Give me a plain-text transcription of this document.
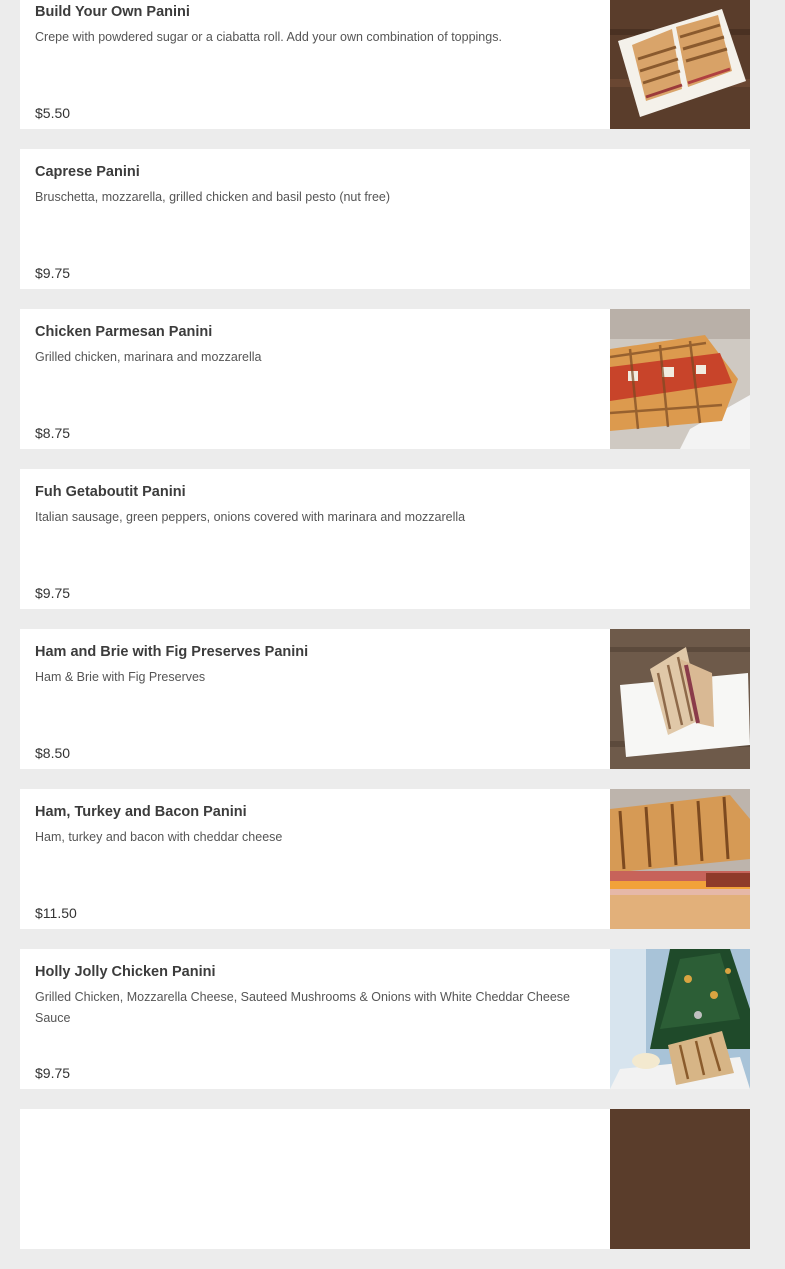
Build Your Own Panini
Crepe with powdered sugar or a ciabatta roll. Add your own combination of toppings.
$5.50
Caprese Panini
Bruschetta, mozzarella, grilled chicken and basil pesto (nut free)
$9.75
Chicken Parmesan Panini
Grilled chicken, marinara and mozzarella
$8.75
Fuh Getaboutit Panini
Italian sausage, green peppers, onions covered with marinara and mozzarella
$9.75
Ham and Brie with Fig Preserves Panini
Ham & Brie with Fig Preserves
$8.50
Ham, Turkey and Bacon Panini
Ham, turkey and bacon with cheddar cheese
$11.50
Holly Jolly Chicken Panini
Grilled Chicken, Mozzarella Cheese, Sauteed Mushrooms & Onions with White Cheddar Cheese Sauce
$9.75
